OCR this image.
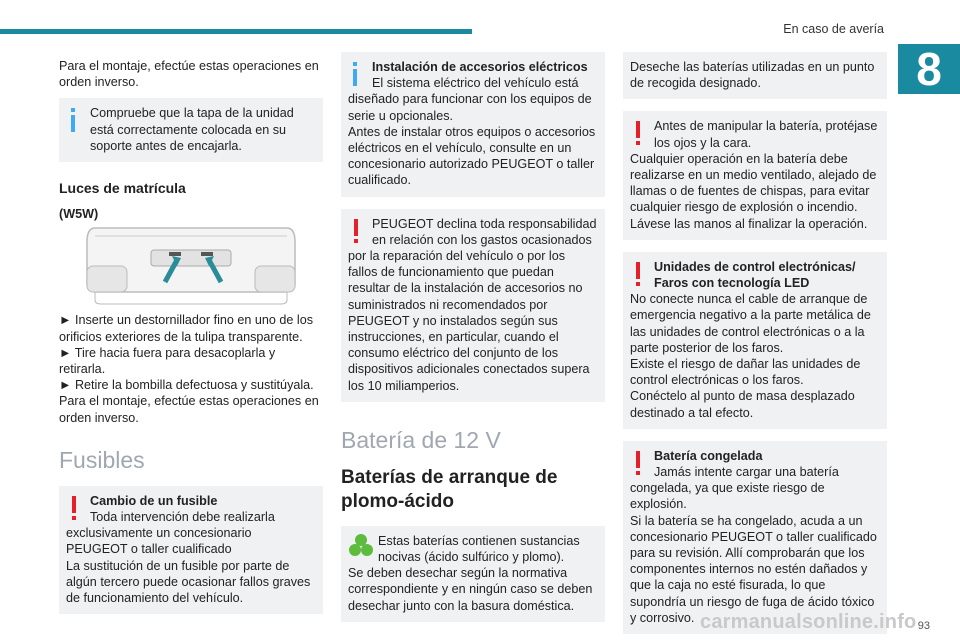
En caso de avería
8

Para el montaje, efectúe estas operaciones en orden inverso.

Compruebe que la tapa de la unidad está correctamente colocada en su soporte antes de encajarla.

Luces de matrícula

(W5W)

► Inserte un destornillador fino en uno de los orificios exteriores de la tulipa transparente.

► Tire hacia fuera para desacoplarla y retirarla.

► Retire la bombilla defectuosa y sustitúyala.

Para el montaje, efectúe estas operaciones en orden inverso.

Fusibles

Cambio de un fusible

Toda intervención debe realizarla exclusivamente un concesionario PEUGEOT o taller cualificado

La sustitución de un fusible por parte de algún tercero puede ocasionar fallos graves de funcionamiento del vehículo.

Instalación de accesorios eléctricos

El sistema eléctrico del vehículo está diseñado para funcionar con los equipos de serie u opcionales.

Antes de instalar otros equipos o accesorios eléctricos en el vehículo, consulte en un concesionario autorizado PEUGEOT o taller cualificado.

PEUGEOT declina toda responsabilidad en relación con los gastos ocasionados por la reparación del vehículo o por los fallos de funcionamiento que puedan resultar de la instalación de accesorios no suministrados ni recomendados por PEUGEOT y no instalados según sus instrucciones, en particular, cuando el consumo eléctrico del conjunto de los dispositivos adicionales conectados supera los 10 miliamperios.

Batería de 12 V
Baterías de arranque de plomo-ácido

Estas baterías contienen sustancias nocivas (ácido sulfúrico y plomo).

Se deben desechar según la normativa correspondiente y en ningún caso se deben desechar junto con la basura doméstica.

Deseche las baterías utilizadas en un punto de recogida designado.

Antes de manipular la batería, protéjase los ojos y la cara.

Cualquier operación en la batería debe realizarse en un medio ventilado, alejado de llamas o de fuentes de chispas, para evitar cualquier riesgo de explosión o incendio.

Lávese las manos al finalizar la operación.

Unidades de control electrónicas/ Faros con tecnología LED

No conecte nunca el cable de arranque de emergencia negativo a la parte metálica de las unidades de control electrónicas o a la parte posterior de los faros.

Existe el riesgo de dañar las unidades de control electrónicas o los faros.

Conéctelo al punto de masa desplazado destinado a tal efecto.

Batería congelada

Jamás intente cargar una batería congelada, ya que existe riesgo de explosión.

Si la batería se ha congelado, acuda a un concesionario PEUGEOT o taller cualificado para su revisión. Allí comprobarán que los componentes internos no estén dañados y que la caja no esté fisurada, lo que supondría un riesgo de fuga de ácido tóxico y corrosivo. carmanualsonline.info 93
